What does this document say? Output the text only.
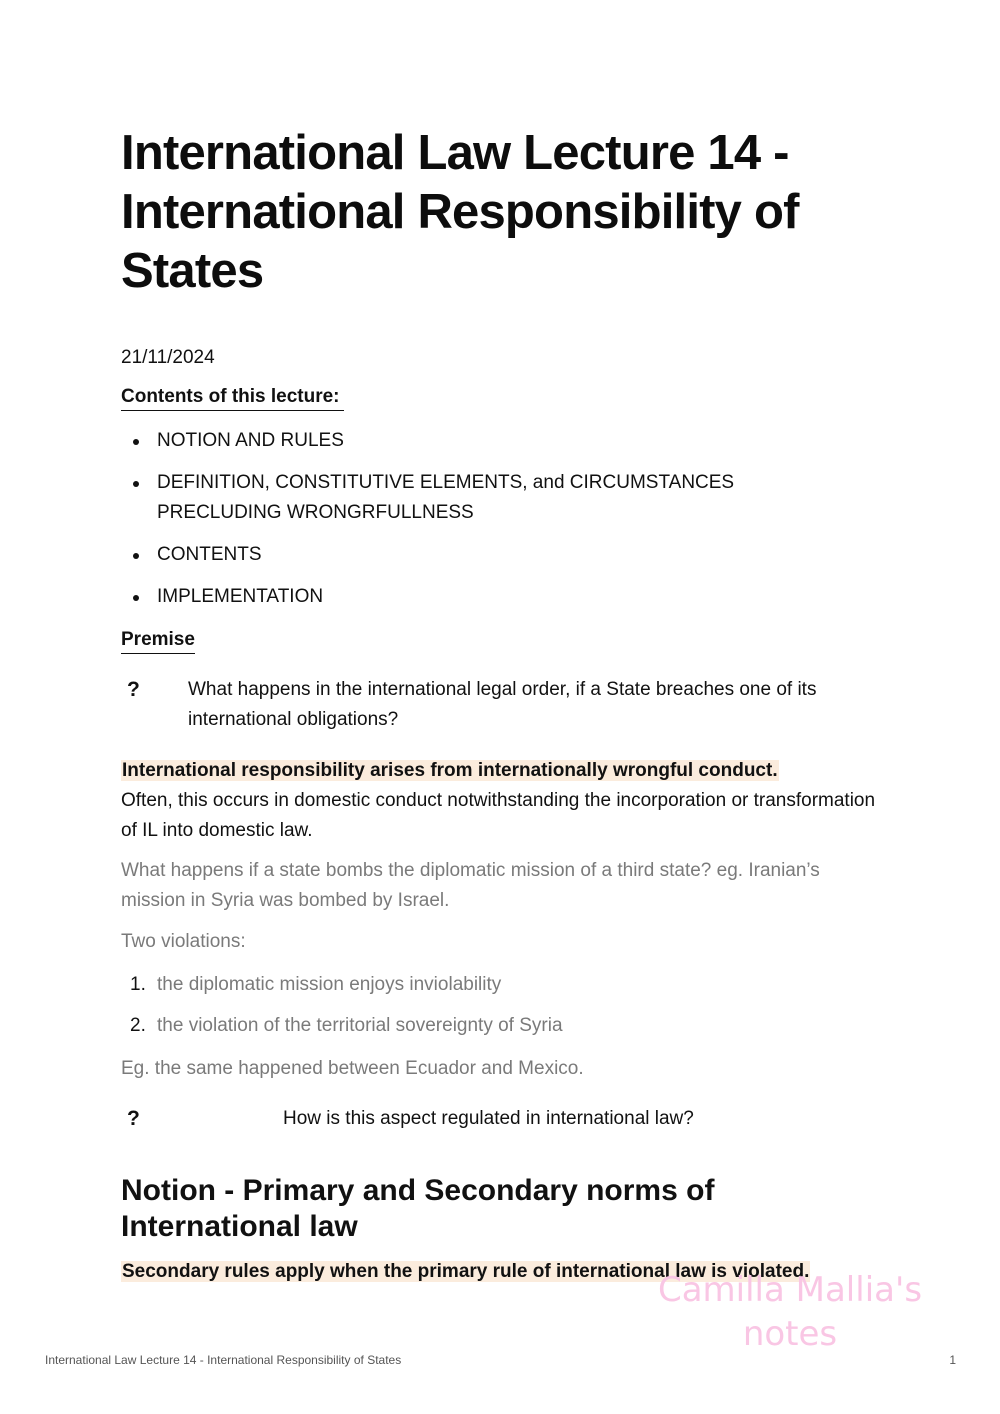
International Law Lecture 14 - International Responsibility of States
21/11/2024
Contents of this lecture:
NOTION AND RULES
DEFINITION, CONSTITUTIVE ELEMENTS, and CIRCUMSTANCES PRECLUDING WRONGRFULLNESS
CONTENTS
IMPLEMENTATION
Premise
?	What happens in the international legal order, if a State breaches one of its international obligations?
International responsibility arises from internationally wrongful conduct.
Often, this occurs in domestic conduct notwithstanding the incorporation or transformation of IL into domestic law.
What happens if a state bombs the diplomatic mission of a third state? eg. Iranian’s mission in Syria was bombed by Israel.
Two violations:
1. the diplomatic mission enjoys inviolability
2. the violation of the territorial sovereignty of Syria
Eg. the same happened between Ecuador and Mexico.
?	How is this aspect regulated in international law?
Notion - Primary and Secondary norms of International law
Secondary rules apply when the primary rule of international law is violated.
Camilla Mallia's notes
International Law Lecture 14 - International Responsibility of States	1
